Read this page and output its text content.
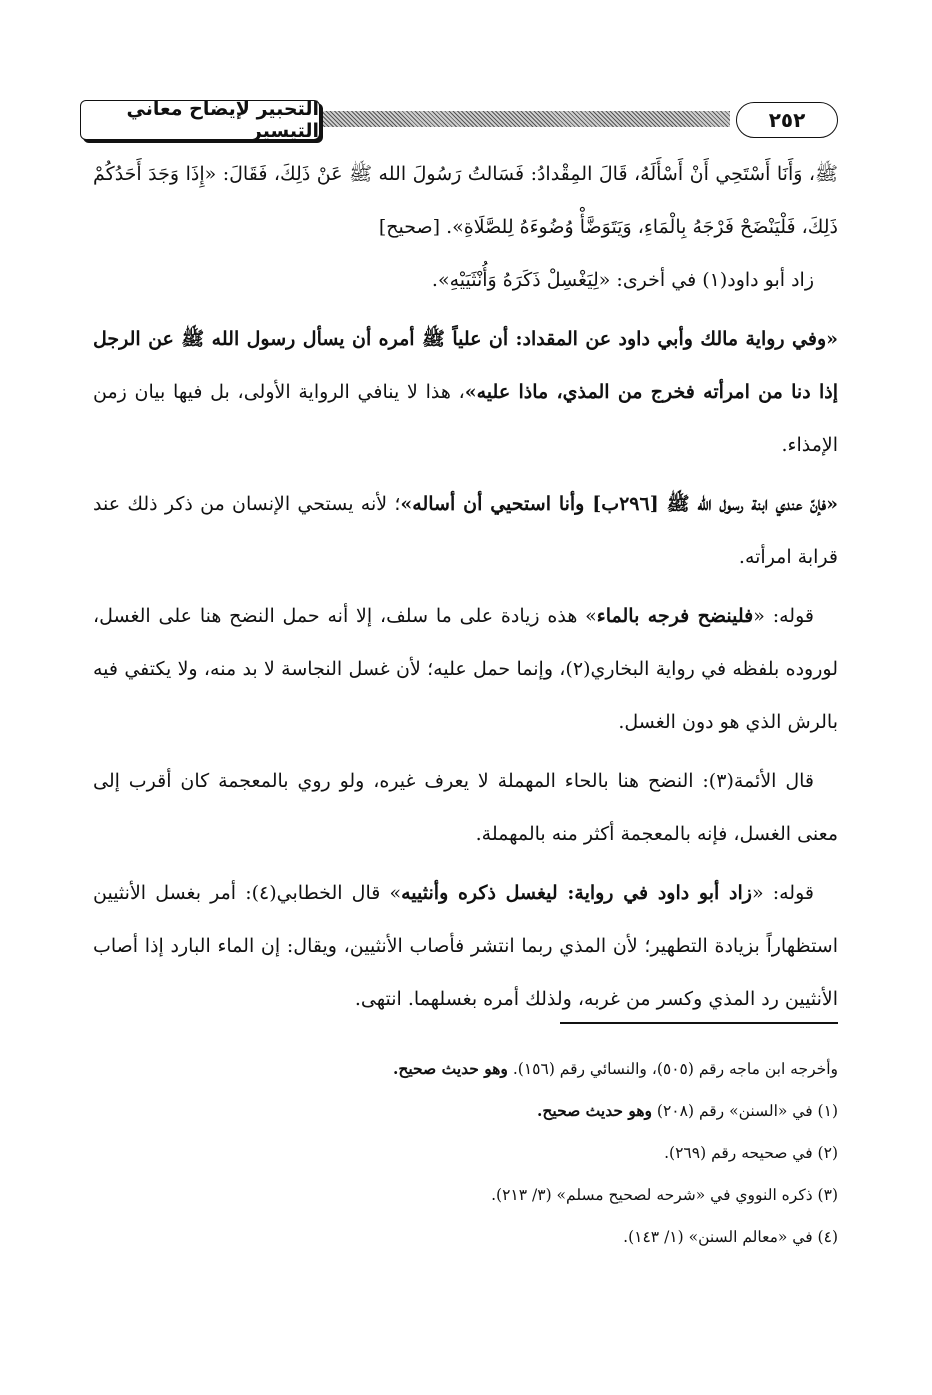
التحبير لإيضاح معاني التيسير	٢٥٢

ﷺ، وَأَنَا أَسْتَحِي أَنْ أَسْأَلَهُ، قَالَ المِقْدادُ: فَسَالتُ رَسُولَ الله ﷺ عَنْ ذَلِكَ، فَقَالَ: «إِذَا وَجَدَ أَحَدُكُمْ ذَلِكَ، فَلْيَنْضَحْ فَرْجَهُ بِالْمَاءِ، وَيَتَوَضَّأْ وُضُوءَهُ لِلصَّلَاةِ». [صحيح]

زاد أبو داود(١) في أخرى: «لِيَغْسِلْ ذَكَرَهُ وَأُنْثَيَيْهِ».

«وفي رواية مالك وأبي داود عن المقداد: أن علياً ﷺ أمره أن يسأل رسول الله ﷺ عن الرجل إذا دنا من امرأته فخرج من المذي، ماذا عليه»، هذا لا ينافي الرواية الأولى، بل فيها بيان زمن الإمذاء.

«فإنّ عندي ابنة رسول الله ﷺ [٢٩٦ب] وأنا استحيي أن أساله»؛ لأنه يستحي الإنسان من ذكر ذلك عند قرابة امرأته.

قوله: «فلينضح فرجه بالماء» هذه زيادة على ما سلف، إلا أنه حمل النضح هنا على الغسل، لوروده بلفظه في رواية البخاري(٢)، وإنما حمل عليه؛ لأن غسل النجاسة لا بد منه، ولا يكتفي فيه بالرش الذي هو دون الغسل.

قال الأئمة(٣): النضح هنا بالحاء المهملة لا يعرف غيره، ولو روي بالمعجمة كان أقرب إلى معنى الغسل، فإنه بالمعجمة أكثر منه بالمهملة.

قوله: «زاد أبو داود في رواية: ليغسل ذكره وأنثييه» قال الخطابي(٤): أمر بغسل الأنثيين استظهاراً بزيادة التطهير؛ لأن المذي ربما انتشر فأصاب الأنثيين، ويقال: إن الماء البارد إذا أصاب الأنثيين رد المذي وكسر من غربه، ولذلك أمره بغسلهما. انتهى.

وأخرجه ابن ماجه رقم (٥٠٥)، والنسائي رقم (١٥٦). وهو حديث صحيح.
(١) في «السنن» رقم (٢٠٨) وهو حديث صحيح.
(٢) في صحيحه رقم (٢٦٩).
(٣) ذكره النووي في «شرحه لصحيح مسلم» (٣/ ٢١٣).
(٤) في «معالم السنن» (١/ ١٤٣).
